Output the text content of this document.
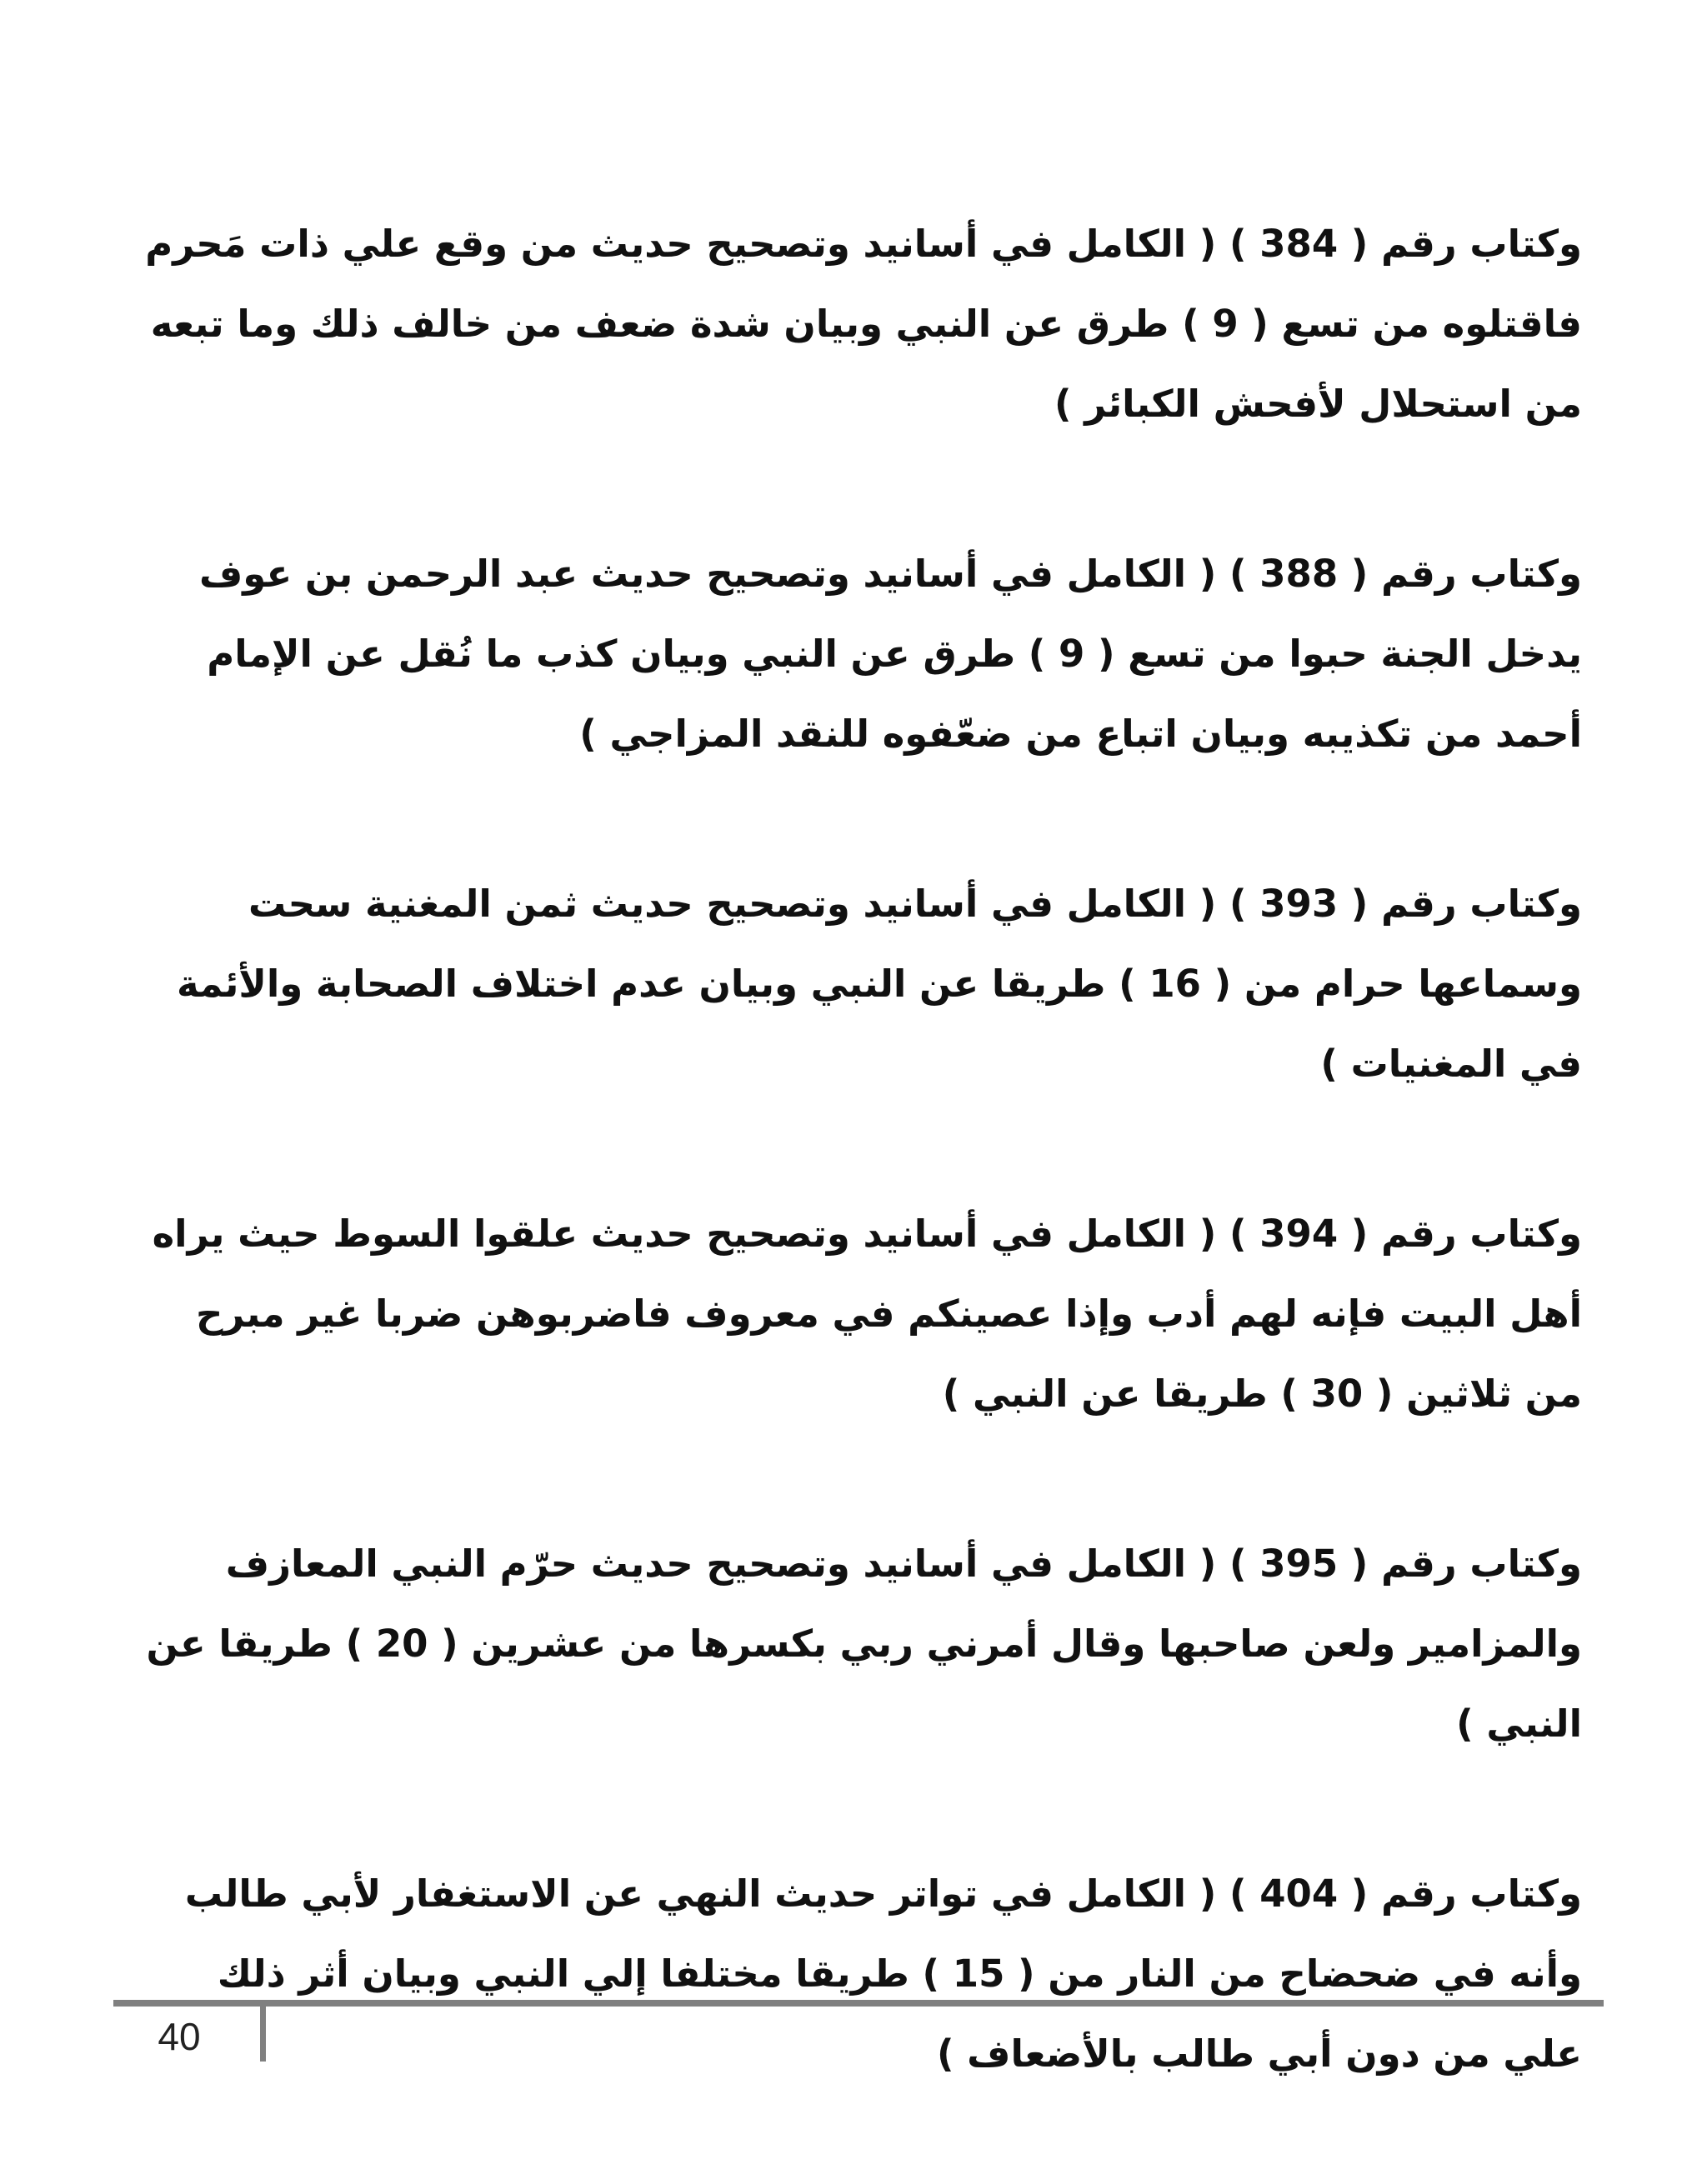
وكتاب رقم ( 384 ) ( الكامل في أسانيد وتصحيح حديث من وقع علي ذات مَحرم فاقتلوه من تسع ( 9 ) طرق عن النبي وبيان شدة ضعف من خالف ذلك وما تبعه من استحلال لأفحش الكبائر )

وكتاب رقم ( 388 ) ( الكامل في أسانيد وتصحيح حديث عبد الرحمن بن عوف يدخل الجنة حبوا من تسع ( 9 ) طرق عن النبي وبيان كذب ما نُقل عن الإمام أحمد من تكذيبه وبيان اتباع من ضعّفوه للنقد المزاجي )

وكتاب رقم ( 393 ) ( الكامل في أسانيد وتصحيح حديث ثمن المغنية سحت وسماعها حرام من ( 16 ) طريقا عن النبي وبيان عدم اختلاف الصحابة والأئمة في المغنيات )

وكتاب رقم ( 394 ) ( الكامل في أسانيد وتصحيح حديث علقوا السوط حيث يراه أهل البيت فإنه لهم أدب وإذا عصينكم في معروف فاضربوهن ضربا غير مبرح من ثلاثين ( 30 ) طريقا عن النبي )

وكتاب رقم ( 395 ) ( الكامل في أسانيد وتصحيح حديث حرّم النبي المعازف والمزامير ولعن صاحبها وقال أمرني ربي بكسرها من عشرين ( 20 ) طريقا عن النبي )

وكتاب رقم ( 404 ) ( الكامل في تواتر حديث النهي عن الاستغفار لأبي طالب وأنه في ضحضاح من النار من ( 15 ) طريقا مختلفا إلي النبي وبيان أثر ذلك علي من دون أبي طالب بالأضعاف )

40
